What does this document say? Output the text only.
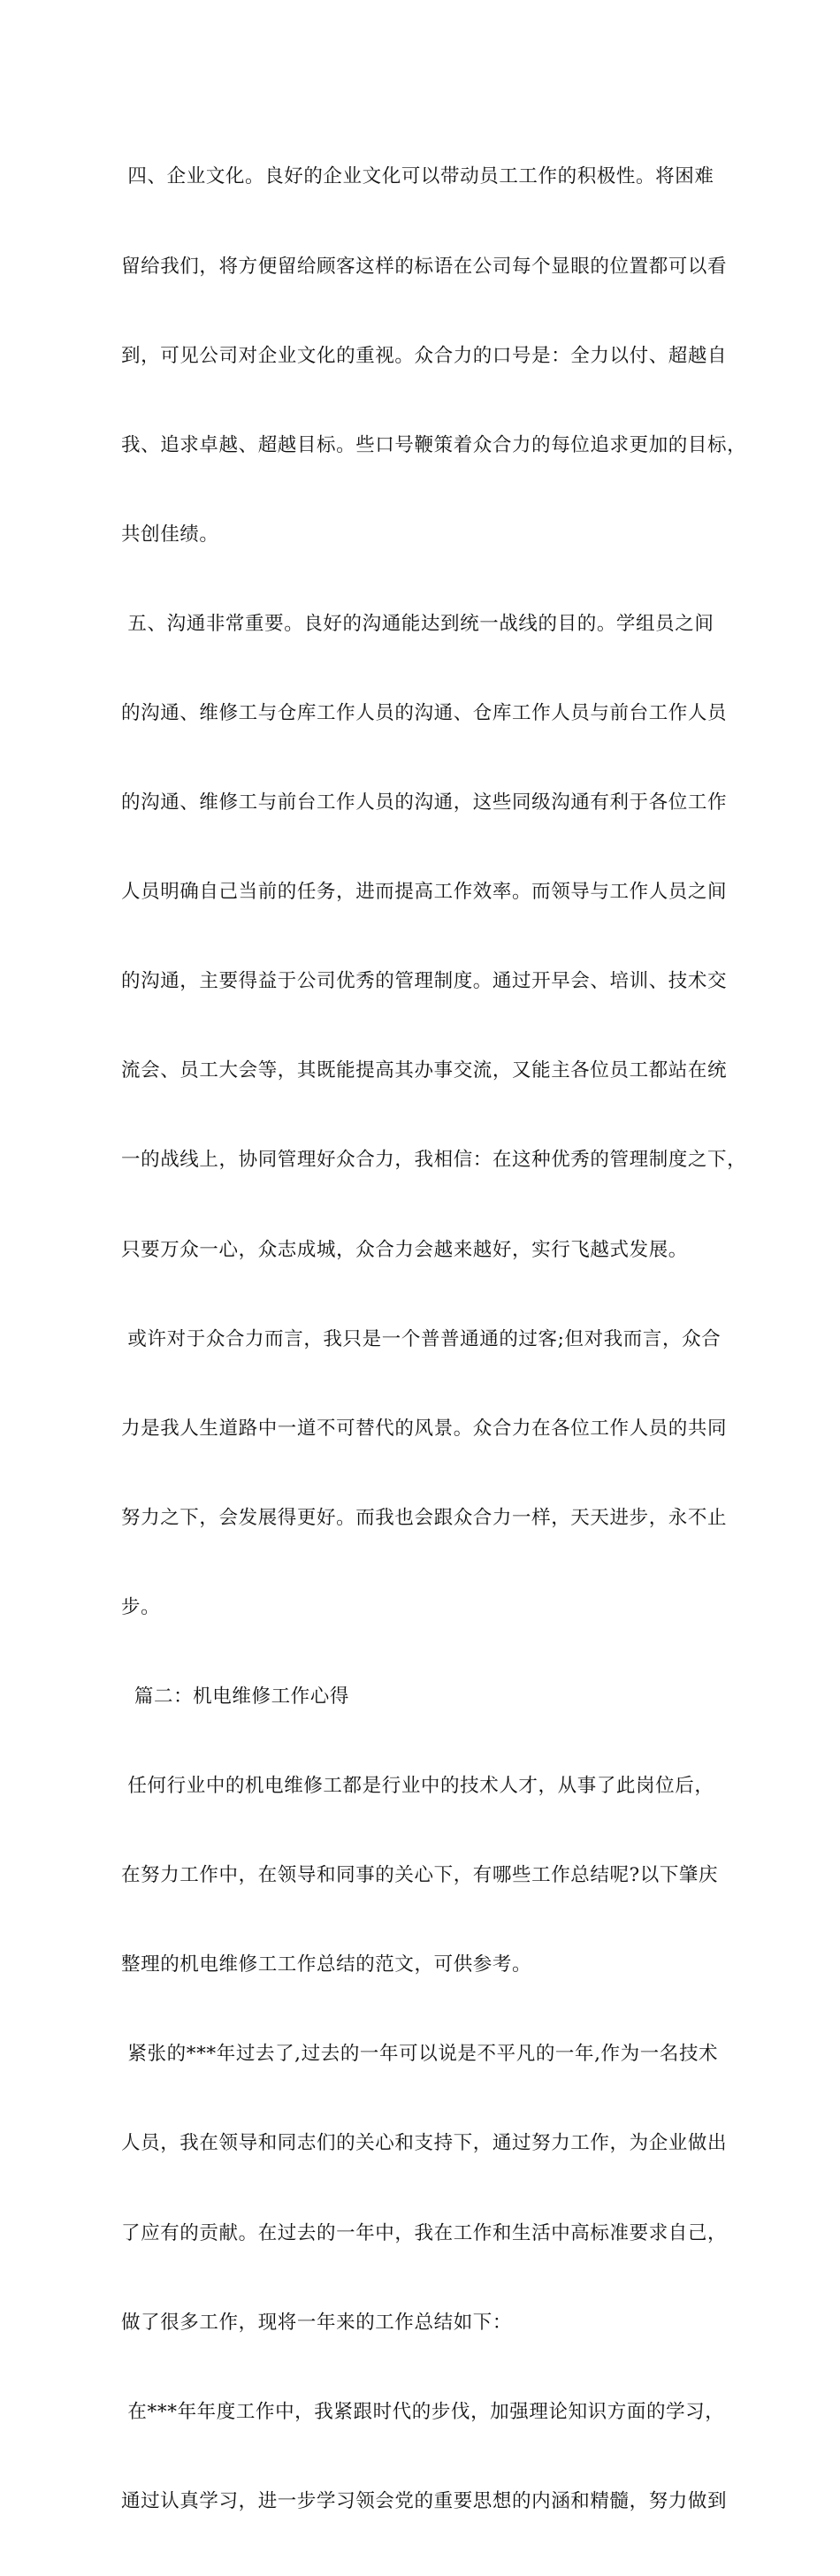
四、企业文化。良好的企业文化可以带动员工工作的积极性。将困难

留给我们，将方便留给顾客这样的标语在公司每个显眼的位置都可以看

到，可见公司对企业文化的重视。众合力的口号是：全力以付、超越自

我、追求卓越、超越目标。些口号鞭策着众合力的每位追求更加的目标，

共创佳绩。

五、沟通非常重要。良好的沟通能达到统一战线的目的。学组员之间

的沟通、维修工与仓库工作人员的沟通、仓库工作人员与前台工作人员

的沟通、维修工与前台工作人员的沟通，这些同级沟通有利于各位工作

人员明确自己当前的任务，进而提高工作效率。而领导与工作人员之间

的沟通，主要得益于公司优秀的管理制度。通过开早会、培训、技术交

流会、员工大会等，其既能提高其办事交流，又能主各位员工都站在统

一的战线上，协同管理好众合力，我相信：在这种优秀的管理制度之下，

只要万众一心，众志成城，众合力会越来越好，实行飞越式发展。

或许对于众合力而言，我只是一个普普通通的过客;但对我而言，众合

力是我人生道路中一道不可替代的风景。众合力在各位工作人员的共同

努力之下，会发展得更好。而我也会跟众合力一样，天天进步，永不止

步。

篇二：机电维修工作心得

任何行业中的机电维修工都是行业中的技术人才，从事了此岗位后，

在努力工作中，在领导和同事的关心下，有哪些工作总结呢?以下肇庆

整理的机电维修工工作总结的范文，可供参考。

紧张的***年过去了,过去的一年可以说是不平凡的一年,作为一名技术

人员，我在领导和同志们的关心和支持下，通过努力工作，为企业做出

了应有的贡献。在过去的一年中，我在工作和生活中高标准要求自己，

做了很多工作，现将一年来的工作总结如下：

在***年年度工作中，我紧跟时代的步伐，加强理论知识方面的学习，

通过认真学习，进一步学习领会党的重要思想的内涵和精髓，努力做到
